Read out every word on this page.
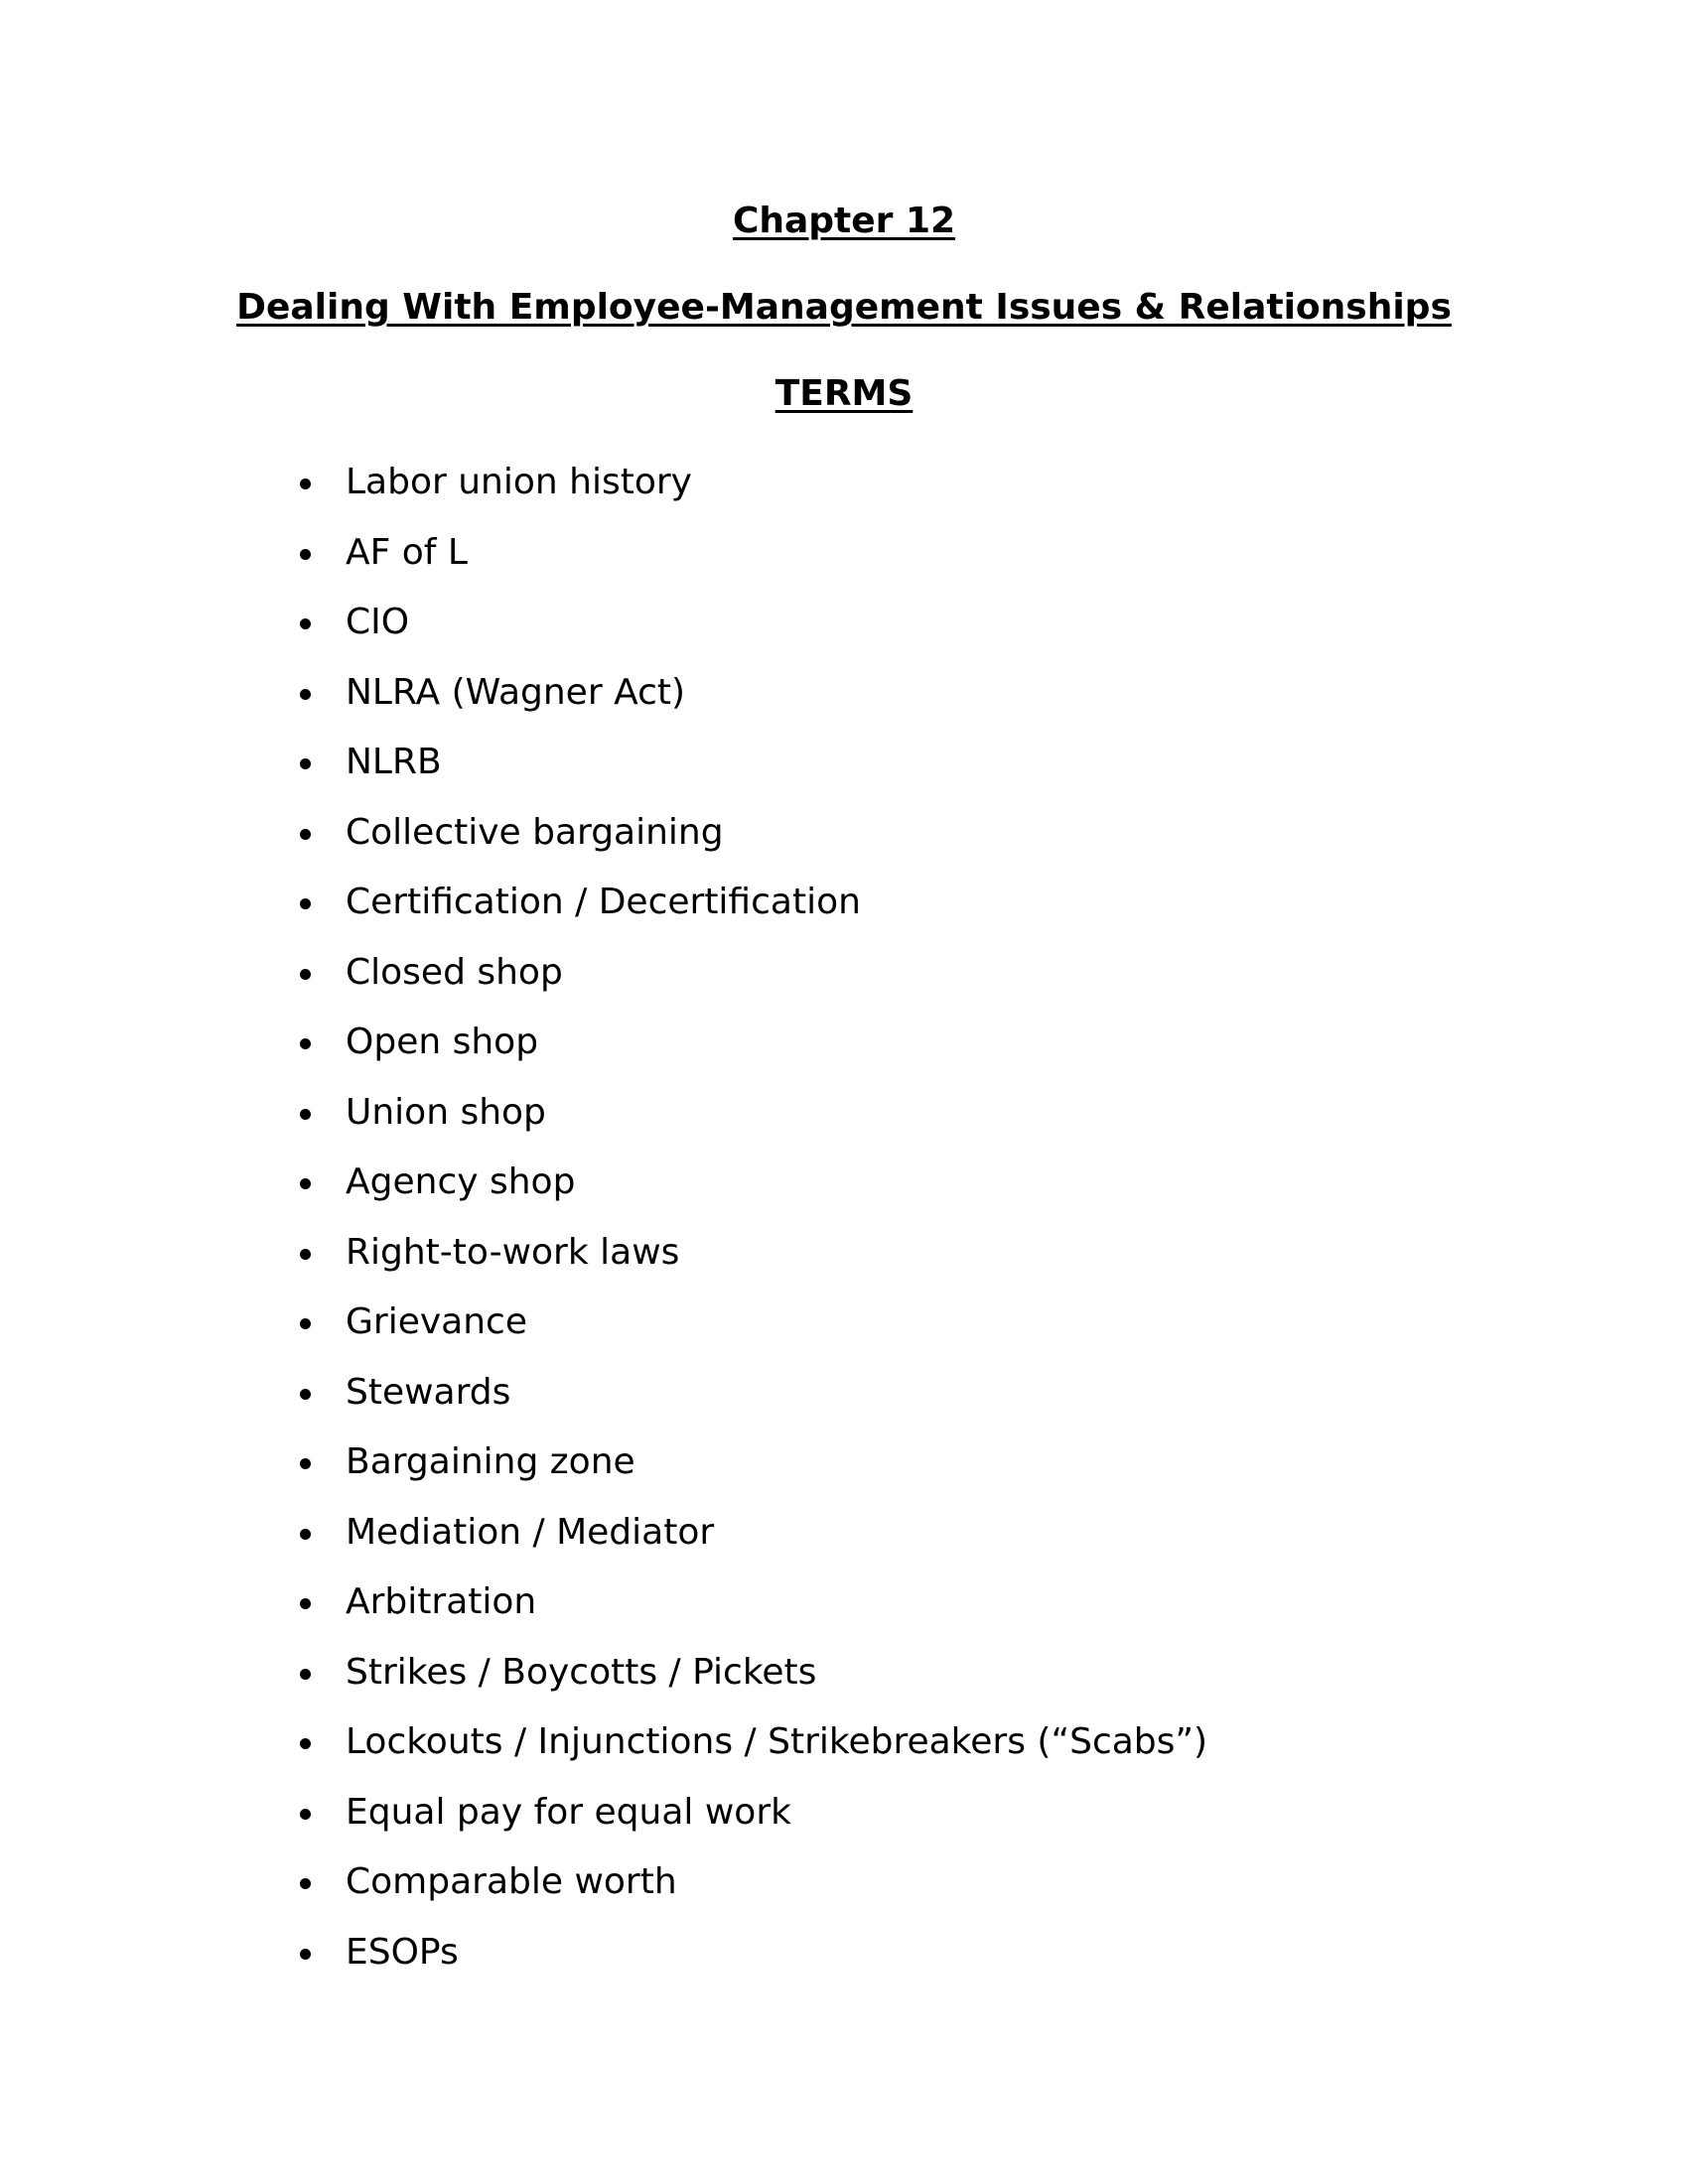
Chapter 12
Dealing With Employee-Management Issues & Relationships
TERMS
Labor union history
AF of L
CIO
NLRA (Wagner Act)
NLRB
Collective bargaining
Certification / Decertification
Closed shop
Open shop
Union shop
Agency shop
Right-to-work laws
Grievance
Stewards
Bargaining zone
Mediation / Mediator
Arbitration
Strikes / Boycotts / Pickets
Lockouts / Injunctions / Strikebreakers (“Scabs”)
Equal pay for equal work
Comparable worth
ESOPs
